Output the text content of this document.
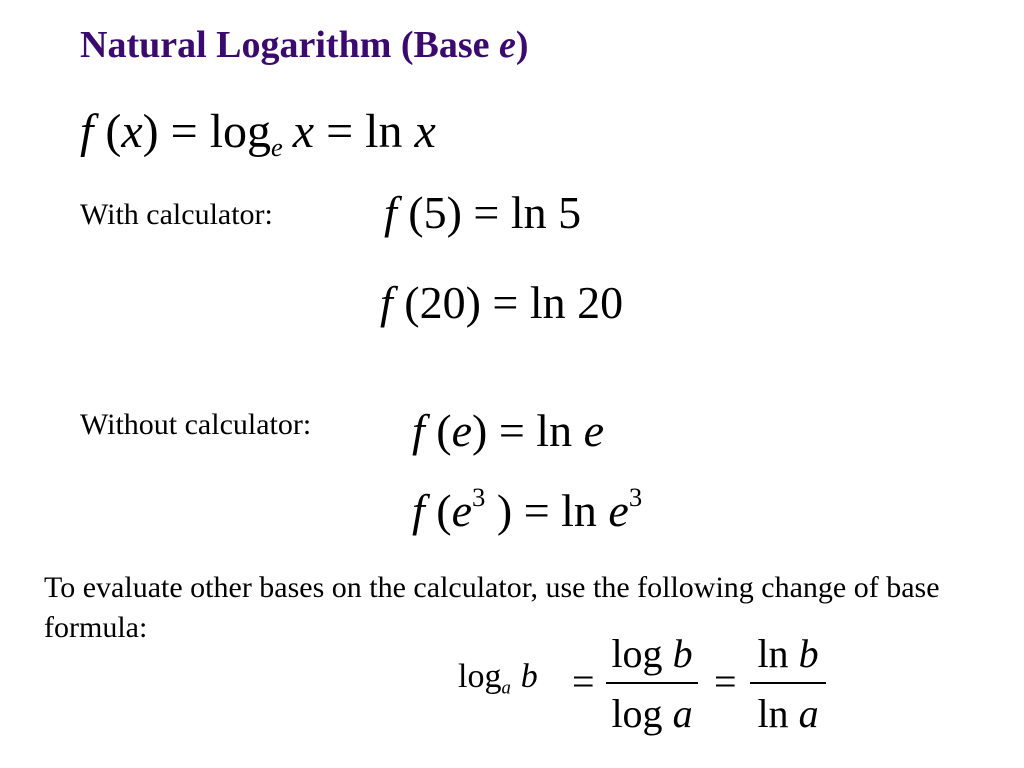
Natural Logarithm (Base e)
f $(x) = \log_e x = \ln x$
With calculator: f (5) = ln 5
f (20) = ln 20
Without calculator: f (e) = ln e
f ($e^3$ ) = $\ln e^3$
To evaluate other bases on the calculator, use the following change of base formula:
$\log_a b$ =
log b
log a
=
ln b
ln a
